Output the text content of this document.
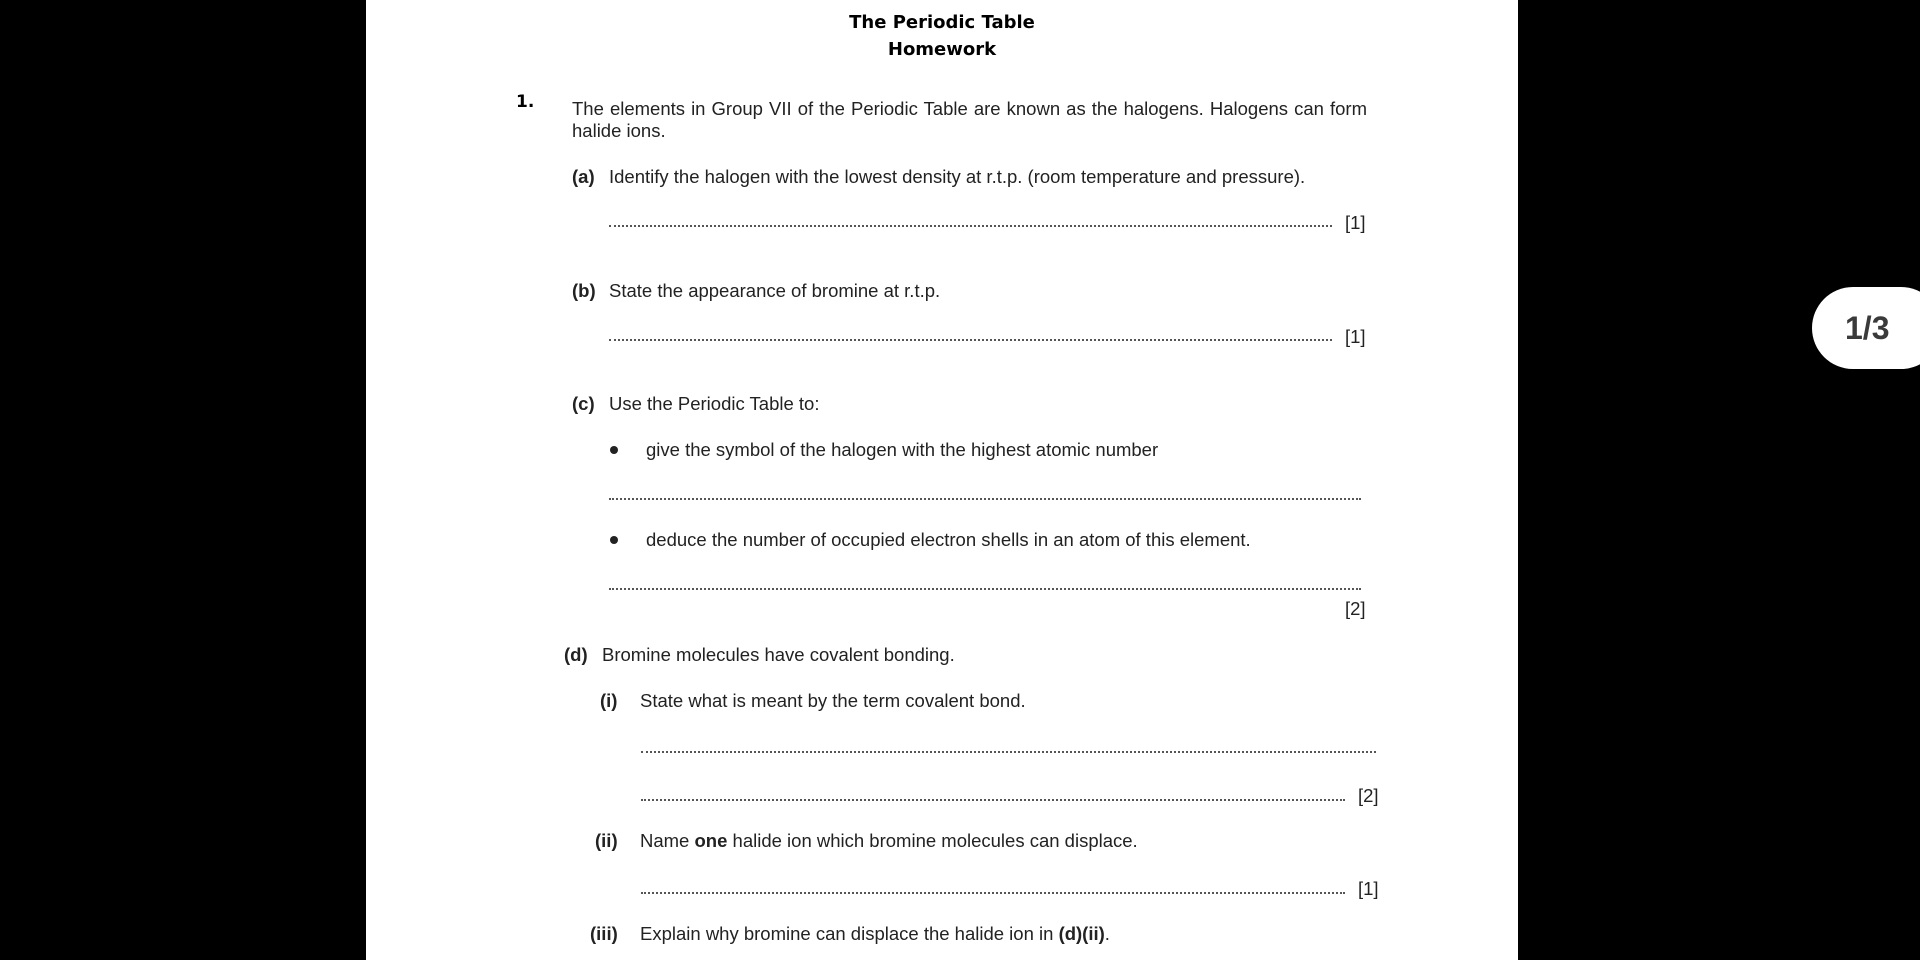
The Periodic Table
Homework
1. The elements in Group VII of the Periodic Table are known as the halogens. Halogens can form halide ions.
(a) Identify the halogen with the lowest density at r.t.p. (room temperature and pressure).
[1]
(b) State the appearance of bromine at r.t.p.
[1]
(c) Use the Periodic Table to:
give the symbol of the halogen with the highest atomic number
deduce the number of occupied electron shells in an atom of this element.
[2]
(d) Bromine molecules have covalent bonding.
(i) State what is meant by the term covalent bond.
[2]
(ii) Name one halide ion which bromine molecules can displace.
[1]
(iii) Explain why bromine can displace the halide ion in (d)(ii).
1/3
